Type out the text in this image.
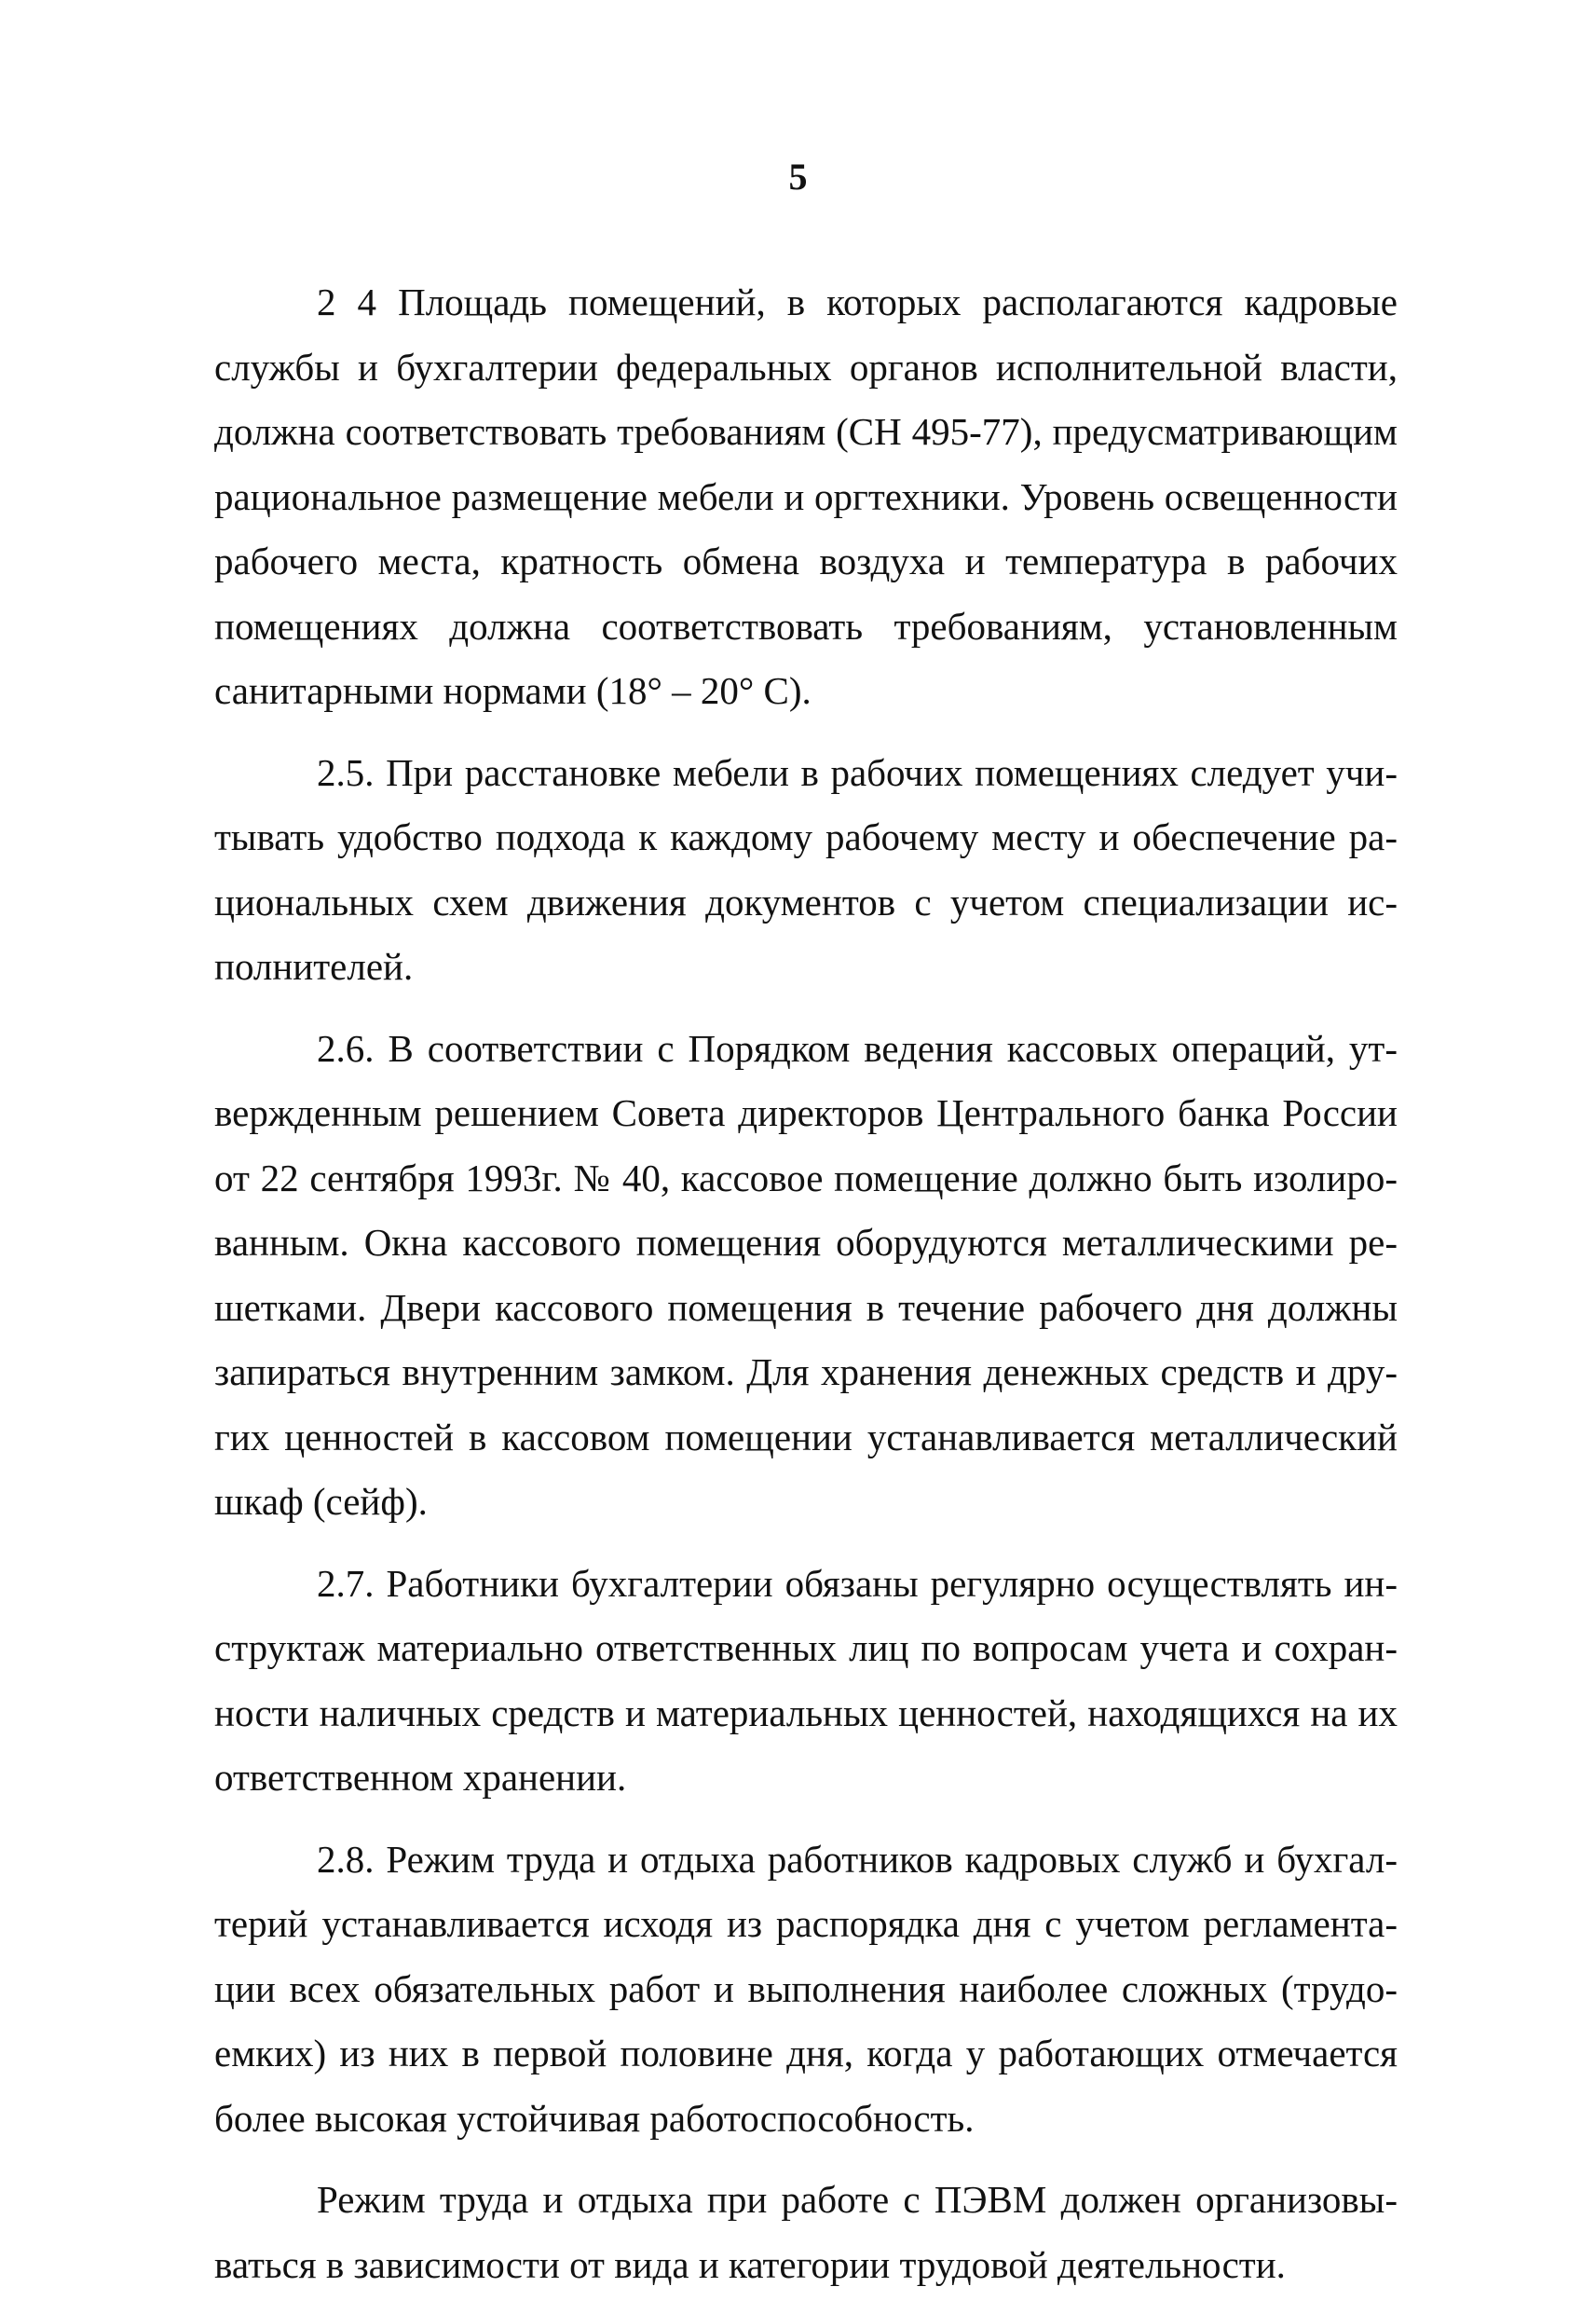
5

2 4 Площадь помещений, в которых располагаются кадровые службы и бухгалтерии федеральных органов исполнительной власти, должна соответствовать требованиям (СН 495-77), предусматривающим рациональное размещение мебели и оргтехники. Уровень освещенности рабочего места, кратность обмена воздуха и температура в рабочих помещениях должна соответствовать требованиям, установленным санитарными нормами (18° – 20° С).

2.5. При расстановке мебели в рабочих помещениях следует учитывать удобство подхода к каждому рабочему месту и обеспечение рациональных схем движения документов с учетом специализации исполнителей.

2.6. В соответствии с Порядком ведения кассовых операций, утвержденным решением Совета директоров Центрального банка России от 22 сентября 1993г. № 40, кассовое помещение должно быть изолированным. Окна кассового помещения оборудуются металлическими решетками. Двери кассового помещения в течение рабочего дня должны запираться внутренним замком. Для хранения денежных средств и других ценностей в кассовом помещении устанавливается металлический шкаф (сейф).

2.7. Работники бухгалтерии обязаны регулярно осуществлять инструктаж материально ответственных лиц по вопросам учета и сохранности наличных средств и материальных ценностей, находящихся на их ответственном хранении.

2.8. Режим труда и отдыха работников кадровых служб и бухгалтерий устанавливается исходя из распорядка дня с учетом регламентации всех обязательных работ и выполнения наиболее сложных (трудоемких) из них в первой половине дня, когда у работающих отмечается более высокая устойчивая работоспособность.

Режим труда и отдыха при работе с ПЭВМ должен организовываться в зависимости от вида и категории трудовой деятельности.
